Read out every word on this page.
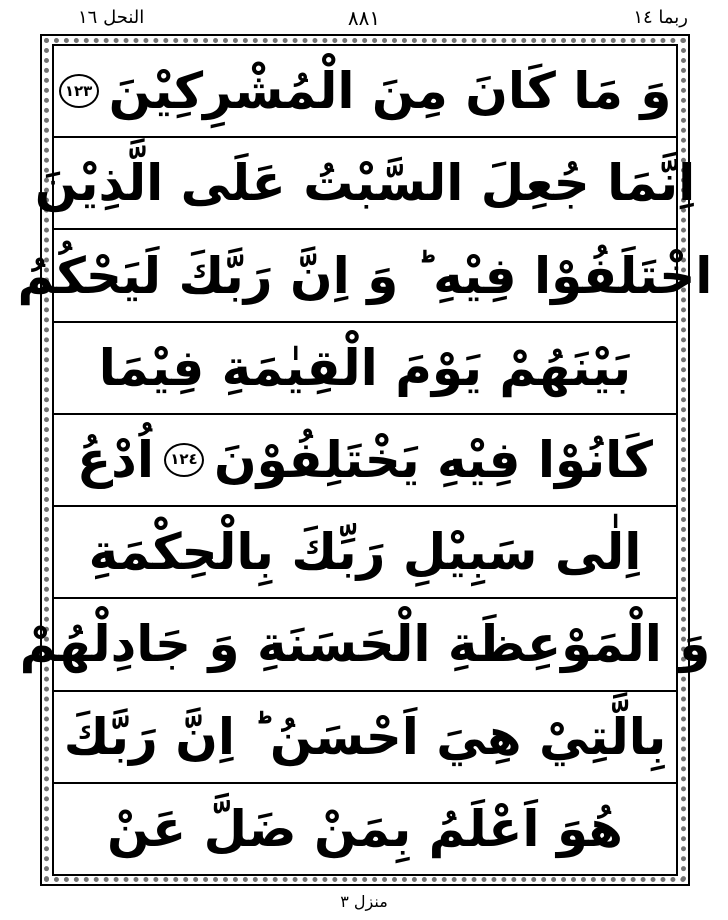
النحل ١٦	٨٨١	ربما ١٤
وَ مَا كَانَ مِنَ الْمُشْرِكِيْنَ
١٢٣
اِنَّمَا جُعِلَ السَّبْتُ عَلَى الَّذِيْنَ
اخْتَلَفُوْا فِيْهِ ؕ وَ اِنَّ رَبَّكَ لَيَحْكُمُ
بَيْنَهُمْ يَوْمَ الْقِيٰمَةِ فِيْمَا
كَانُوْا فِيْهِ يَخْتَلِفُوْنَ
١٢٤
اُدْعُ
اِلٰى سَبِيْلِ رَبِّكَ بِالْحِكْمَةِ
وَ الْمَوْعِظَةِ الْحَسَنَةِ وَ جَادِلْهُمْ
بِالَّتِيْ هِيَ اَحْسَنُ ؕ اِنَّ رَبَّكَ
هُوَ اَعْلَمُ بِمَنْ ضَلَّ عَنْ
منزل ٣
